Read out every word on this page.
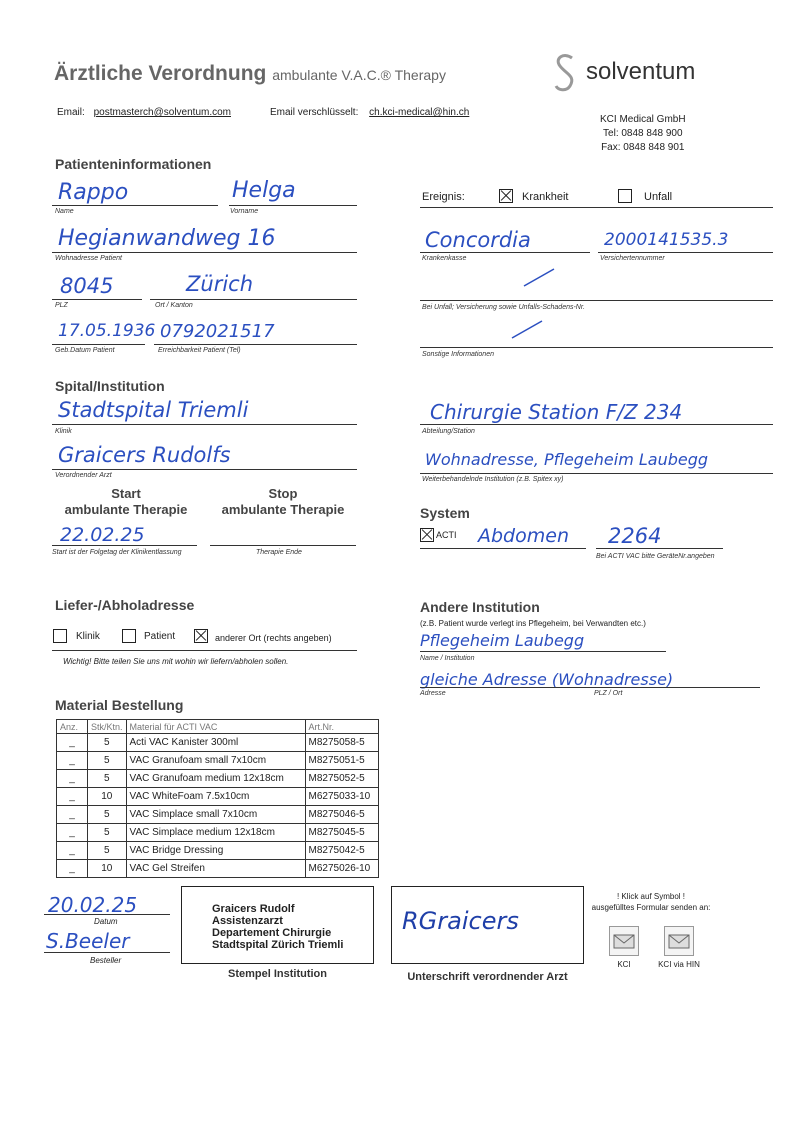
Ärztliche Verordnung ambulante V.A.C.® Therapy	solventum
Email: postmasterch@solventum.com	Email verschlüsselt: ch.kci-medical@hin.ch
KCI Medical GmbH
Tel: 0848 848 900
Fax: 0848 848 901
Patienteninformationen
Rappo
Name
Helga
Vorname
Hegianwandweg 16
Wohnadresse Patient
8045
PLZ
Zürich
Ort / Kanton
17.05.1936
Geb.Datum Patient
0792021517
Erreichbarkeit Patient (Tel)
Ereignis:	Krankheit	Unfall
Concordia
Krankenkasse
2000141535.3
Versichertennummer
Bei Unfall; Versicherung sowie Unfalls-Schadens-Nr.
Sonstige Informationen
Spital/Institution
Stadtspital Triemli
Klinik
Graicers Rudolfs
Verordnender Arzt
Chirurgie Station F/Z 234
Abteilung/Station
Wohnadresse, Pflegeheim Laubegg
Weiterbehandelnde Institution (z.B. Spitex xy)
Start
ambulante Therapie
Stop
ambulante Therapie
22.02.25
Start ist der Folgetag der Klinikentlassung	Therapie Ende
System
ACTI Abdomen 2264
Bei ACTI VAC bitte GeräteNr.angeben
Liefer-/Abholadresse
Klinik	Patient	anderer Ort (rechts angeben)
Wichtig! Bitte teilen Sie uns mit wohin wir liefern/abholen sollen.
Andere Institution
(z.B. Patient wurde verlegt ins Pflegeheim, bei Verwandten etc.)
Pflegeheim Laubegg
Name / Institution
gleiche Adresse (Wohnadresse)
Adresse	PLZ / Ort
Material Bestellung
Anz.	Stk/Ktn.	Material für ACTI VAC	Art.Nr.
_	5	Acti VAC Kanister 300ml	M8275058-5
_	5	VAC Granufoam small 7x10cm	M8275051-5
_	5	VAC Granufoam medium 12x18cm	M8275052-5
_	10	VAC WhiteFoam 7.5x10cm	M6275033-10
_	5	VAC Simplace small 7x10cm	M8275046-5
_	5	VAC Simplace medium 12x18cm	M8275045-5
_	5	VAC Bridge Dressing	M8275042-5
_	10	VAC Gel Streifen	M6275026-10
20.02.25
Datum
S.Beeler
Besteller
Graicers Rudolf
Assistenzarzt
Departement Chirurgie
Stadtspital Zürich Triemli
Stempel Institution
RGraicers
Unterschrift verordnender Arzt
! Klick auf Symbol !
ausgefülltes Formular senden an:
KCI	KCI via HIN
